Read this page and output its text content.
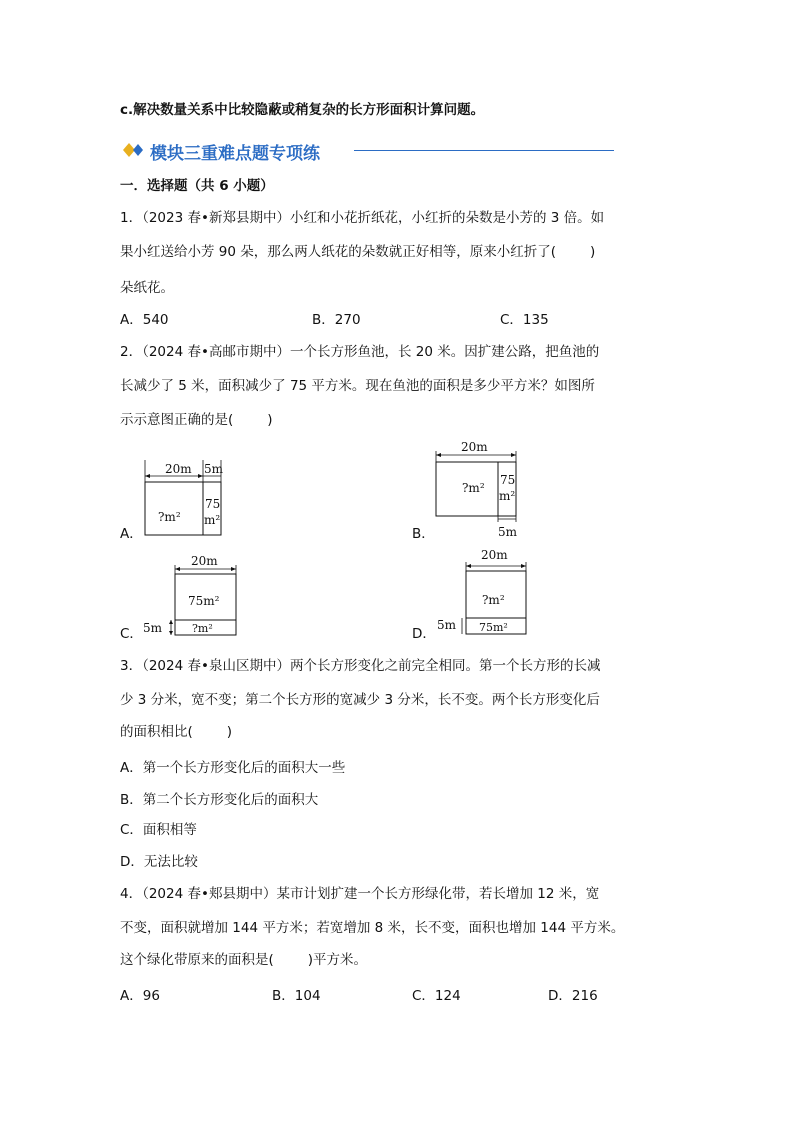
c.解决数量关系中比较隐蔽或稍复杂的长方形面积计算问题。
模块三重难点题专项练
一．选择题（共 6 小题）
1．（2023 春•新郑县期中）小红和小花折纸花，小红折的朵数是小芳的 3 倍。如
果小红送给小芳 90 朵，那么两人纸花的朵数就正好相等，原来小红折了(	)
朵纸花。
A．540	B．270	C．135
2．（2024 春•高邮市期中）一个长方形鱼池，长 20 米。因扩建公路，把鱼池的
长减少了 5 米，面积减少了 75 平方米。现在鱼池的面积是多少平方米？如图所
示示意图正确的是(	)
A．	B．
C．	D．
20m 5m
?m²
75
m²
20m
?m²
75
m²
5m
20m
75m²
?m²
5m
20m
?m²
75m²
5m
3．（2024 春•泉山区期中）两个长方形变化之前完全相同。第一个长方形的长减
少 3 分米，宽不变；第二个长方形的宽减少 3 分米，长不变。两个长方形变化后
的面积相比(	)
A．第一个长方形变化后的面积大一些
B．第二个长方形变化后的面积大
C．面积相等
D．无法比较
4．（2024 春•郏县期中）某市计划扩建一个长方形绿化带，若长增加 12 米，宽
不变，面积就增加 144 平方米；若宽增加 8 米，长不变，面积也增加 144 平方米。
这个绿化带原来的面积是(	)平方米。
A．96	B．104	C．124	D．216
